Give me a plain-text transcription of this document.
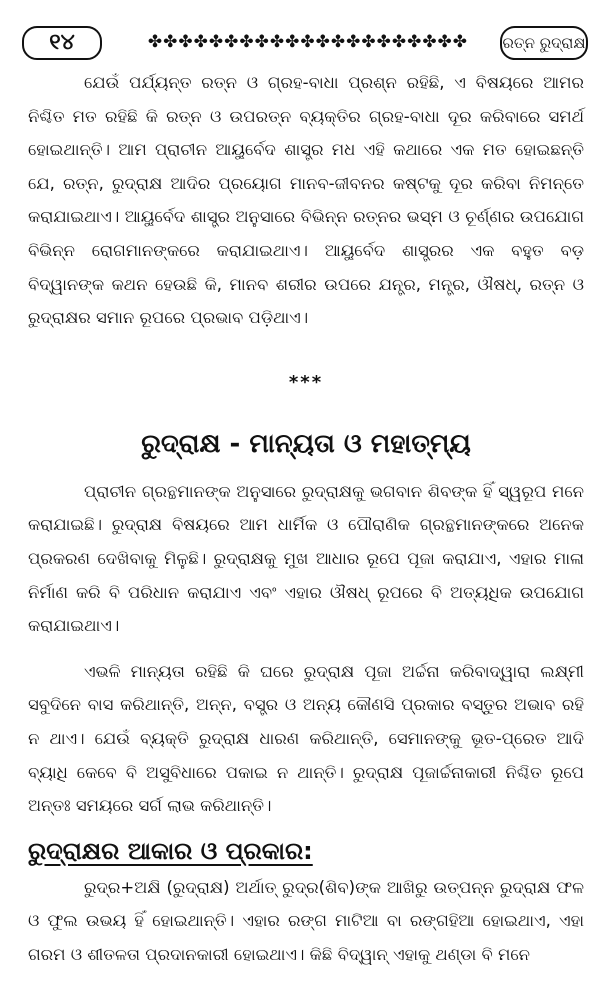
୧୪	✤✤✤✤✤✤✤✤✤✤✤✤✤✤✤✤✤✤✤✤✤	ରତ୍ନ ରୁଦ୍ରାକ୍ଷ

ଯେଉଁ ପର୍ଯ୍ୟନ୍ତ ରତ୍ନ ଓ ଗ୍ରହ-ବାଧା ପ୍ରଶ୍ନ ରହିଛି, ଏ ବିଷୟରେ ଆମର ନିଶ୍ଚିତ ମତ ରହିଛି କି ରତ୍ନ ଓ ଉପରତ୍ନ ବ୍ୟକ୍ତିର ଗ୍ରହ-ବାଧା ଦୂର କରିବାରେ ସମର୍ଥ ହୋଇଥାନ୍ତି। ଆମ ପ୍ରାଚୀନ ଆୟୁର୍ବେଦ ଶାସ୍ତ୍ର ମଧ ଏହି କଥାରେ ଏକ ମତ ହୋଇଛନ୍ତି ଯେ, ରତ୍ନ, ରୁଦ୍ରାକ୍ଷ ଆଦିର ପ୍ରୟୋଗ ମାନବ-ଜୀବନର କଷ୍ଟକୁ ଦୂର କରିବା ନିମନ୍ତେ କରାଯାଇଥାଏ। ଆୟୁର୍ବେଦ ଶାସ୍ତ୍ର ଅନୁସାରେ ବିଭିନ୍ନ ରତ୍ନର ଭସ୍ମ ଓ ଚୂର୍ଣ୍ଣର ଉପଯୋଗ ବିଭିନ୍ନ ରୋଗମାନଙ୍କରେ କରାଯାଇଥାଏ। ଆୟୁର୍ବେଦ ଶାସ୍ତ୍ରର ଏକ ବହୁତ ବଡ଼ ବିଦ୍ୱାନଙ୍କ କଥନ ହେଉଛି କି, ମାନବ ଶରୀର ଉପରେ ଯନ୍ତ୍ର, ମନ୍ତ୍ର, ଔଷଧ୍, ରତ୍ନ ଓ ରୁଦ୍ରାକ୍ଷର ସମାନ ରୂପରେ ପ୍ରଭାବ ପଡ଼ିଥାଏ।

***
ରୁଦ୍ରାକ୍ଷ - ମାନ୍ୟତା ଓ ମହାତ୍ମ୍ୟ

ପ୍ରାଚୀନ ଗ୍ରନ୍ଥମାନଙ୍କ ଅନୁସାରେ ରୁଦ୍ରାକ୍ଷକୁ ଭଗବାନ ଶିବଙ୍କ ହିଁ ସ୍ୱରୂପ ମନେ କରାଯାଇଛି। ରୁଦ୍ରାକ୍ଷ ବିଷୟରେ ଆମ ଧାର୍ମିକ ଓ ପୌରାଣିକ ଗ୍ରନ୍ଥମାନଙ୍କରେ ଅନେକ ପ୍ରକରଣ ଦେଖିବାକୁ ମିଳୁଛି। ରୁଦ୍ରାକ୍ଷକୁ ମୁଖ ଆଧାର ରୂପେ ପୂଜା କରାଯାଏ, ଏହାର ମାଳା ନିର୍ମାଣ କରି ବି ପରିଧାନ କରାଯାଏ ଏବଂ ଏହାର ଔଷଧ୍ ରୂପରେ ବି ଅତ୍ୟଧିକ ଉପଯୋଗ କରାଯାଇଥାଏ।

ଏଭଳି ମାନ୍ୟତା ରହିଛି କି ଘରେ ରୁଦ୍ରାକ୍ଷ ପୂଜା ଅର୍ଚ୍ଚନା କରିବାଦ୍ୱାରା ଲକ୍ଷ୍ମୀ ସବୁଦିନେ ବାସ କରିଥାନ୍ତି, ଅନ୍ନ, ବସ୍ତ୍ର ଓ ଅନ୍ୟ କୌଣସି ପ୍ରକାର ବସ୍ତୁର ଅଭାବ ରହି ନ ଥାଏ। ଯେଉଁ ବ୍ୟକ୍ତି ରୁଦ୍ରାକ୍ଷ ଧାରଣ କରିଥାନ୍ତି, ସେମାନଙ୍କୁ ଭୂତ-ପ୍ରେତ ଆଦି ବ୍ୟାଧି କେବେ ବି ଅସୁବିଧାରେ ପକାଇ ନ ଥାନ୍ତି। ରୁଦ୍ରାକ୍ଷ ପୂଜାର୍ଚ୍ଚନାକାରୀ ନିଶ୍ଚିତ ରୂପେ ଅନ୍ତଃ ସମୟରେ ସର୍ଗ ଲାଭ କରିଥାନ୍ତି।

ରୁଦ୍ରାକ୍ଷର ଆକାର ଓ ପ୍ରକାର:

ରୁଦ୍ର+ଅକ୍ଷି (ରୁଦ୍ରାକ୍ଷ) ଅର୍ଥାତ୍ ରୁଦ୍ର(ଶିବ)ଙ୍କ ଆଖିରୁ ଉତ୍ପନ୍ନ ରୁଦ୍ରାକ୍ଷ ଫଳ ଓ ଫୁଲ ଉଭୟ ହିଁ ହୋଇଥାନ୍ତି। ଏହାର ରଙ୍ଗ ମାଟିଆ ବା ରଙ୍ଗହିଆ ହୋଇଥାଏ, ଏହା ଗରମ ଓ ଶୀତଳତା ପ୍ରଦାନକାରୀ ହୋଇଥାଏ। କିଛି ବିଦ୍ୱାନ୍ ଏହାକୁ ଥଣ୍ଡା ବି ମନେ
